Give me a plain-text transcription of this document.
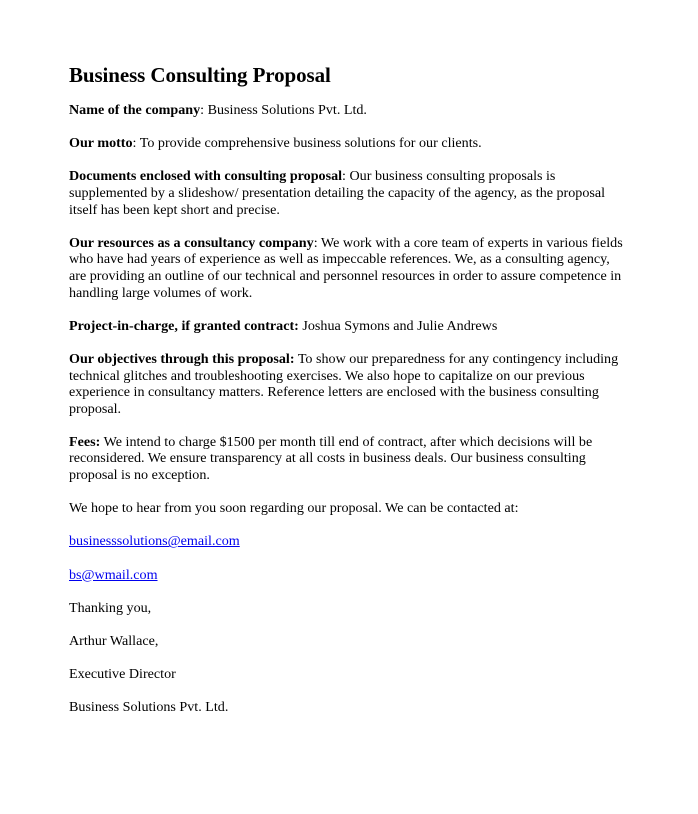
Business Consulting Proposal

Name of the company: Business Solutions Pvt. Ltd.

Our motto: To provide comprehensive business solutions for our clients.

Documents enclosed with consulting proposal: Our business consulting proposals is supplemented by a slideshow/ presentation detailing the capacity of the agency, as the proposal itself has been kept short and precise.

Our resources as a consultancy company: We work with a core team of experts in various fields who have had years of experience as well as impeccable references. We, as a consulting agency, are providing an outline of our technical and personnel resources in order to assure competence in handling large volumes of work.

Project-in-charge, if granted contract: Joshua Symons and Julie Andrews

Our objectives through this proposal: To show our preparedness for any contingency including technical glitches and troubleshooting exercises. We also hope to capitalize on our previous experience in consultancy matters. Reference letters are enclosed with the business consulting proposal.

Fees: We intend to charge $1500 per month till end of contract, after which decisions will be reconsidered. We ensure transparency at all costs in business deals. Our business consulting proposal is no exception.

We hope to hear from you soon regarding our proposal. We can be contacted at:

businesssolutions@email.com

bs@wmail.com

Thanking you,

Arthur Wallace,

Executive Director

Business Solutions Pvt. Ltd.
